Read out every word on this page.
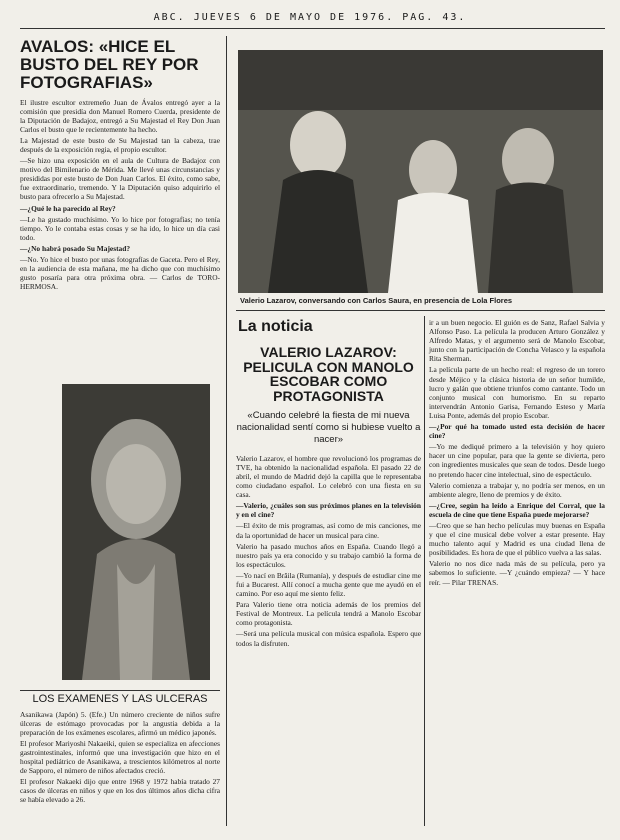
ABC. JUEVES 6 DE MAYO DE 1976. PAG. 43.
AVALOS: «HICE EL BUSTO DEL REY POR FOTOGRAFIAS»

El ilustre escultor extremeño Juan de Ávalos entregó ayer a la comisión que presidía don Manuel Romero Cuerda, presidente de la Diputación de Badajoz, entregó a Su Majestad el Rey Don Juan Carlos el busto que le recientemente ha hecho.

La Majestad de este busto de Su Majestad tan la cabeza, trae después de la exposición regia, el propio escultor.

—Se hizo una exposición en el aula de Cultura de Badajoz con motivo del Bimilenario de Mérida. Me llevé unas circunstancias y presididas por este busto de Don Juan Carlos. El éxito, como sabe, fue extraordinario, tremendo. Y la Diputación quiso adquirirlo el busto para ofrecerlo a Su Majestad.

—¿Qué le ha parecido al Rey?

—Le ha gustado muchísimo. Yo lo hice por fotografías; no tenía tiempo. Yo le contaba estas cosas y se ha ido, lo hice un día casi todo.

—¿No habrá posado Su Majestad?

—No. Yo hice el busto por unas fotografías de Gaceta. Pero el Rey, en la audiencia de esta mañana, me ha dicho que con muchísimo gusto posaría para otra próxima obra. — Carlos de TORO-HERMOSA.

LOS EXAMENES Y LAS ULCERAS

Asanikawa (Japón) 5. (Efe.) Un número creciente de niños sufre úlceras de estómago provocadas por la angustia debida a la preparación de los exámenes escolares, afirmó un médico japonés.

El profesor Mariyoshi Nakaeiki, quien se especializa en afecciones gastrointestinales, informó que una investigación que hizo en el hospital pediátrico de Asanikawa, a trescientos kilómetros al norte de Sapporo, el número de niños afectados creció.

El profesor Nakaeki dijo que entre 1968 y 1972 había tratado 27 casos de úlceras en niños y que en los dos últimos años dicha cifra se había elevado a 26.

Valerio Lazarov, conversando con Carlos Saura, en presencia de Lola Flores
La noticia
VALERIO LAZAROV: PELICULA CON MANOLO ESCOBAR COMO PROTAGONISTA

«Cuando celebré la fiesta de mi nueva nacionalidad sentí como si hubiese vuelto a nacer»

Valerio Lazarov, el hombre que revolucionó los programas de TVE, ha obtenido la nacionalidad española. El pasado 22 de abril, el mundo de Madrid dejó la capilla que le representaba como ciudadano español. Lo celebró con una fiesta en su casa.

—Valerio, ¿cuáles son sus próximos planes en la televisión y en el cine?

—El éxito de mis programas, así como de mis canciones, me da la oportunidad de hacer un musical para cine.

Valerio ha pasado muchos años en España. Cuando llegó a nuestro país ya era conocido y su trabajo cambió la forma de los espectáculos.

—Yo nací en Brăila (Rumanía), y después de estudiar cine me fui a Bucarest. Allí conocí a mucha gente que me ayudó en el camino. Por eso aquí me siento feliz.

Para Valerio tiene otra noticia además de los premios del Festival de Montreux. La película tendrá a Manolo Escobar como protagonista.

—Será una película musical con música española. Espero que todos la disfruten.

ir a un buen negocio. El guión es de Sanz, Rafael Salvia y Alfonso Paso. La película la producen Arturo González y Alfredo Matas, y el argumento será de Manolo Escobar, junto con la participación de Concha Velasco y la española Rita Sherman.

La película parte de un hecho real: el regreso de un torero desde Méjico y la clásica historia de un señor humilde, lucro y galán que obtiene triunfos como cantante. Todo un conjunto musical con humorismo. En su reparto intervendrán Antonio Garisa, Fernando Esteso y María Luisa Ponte, además del propio Escobar.

—¿Por qué ha tomado usted esta decisión de hacer cine?

—Yo me dediqué primero a la televisión y hoy quiero hacer un cine popular, para que la gente se divierta, pero con ingredientes musicales que sean de todos. Desde luego no pretendo hacer cine intelectual, sino de espectáculo.

Valerio comienza a trabajar y, no podría ser menos, en un ambiente alegre, lleno de premios y de éxito.

—¿Cree, según ha leído a Enrique del Corral, que la escuela de cine que tiene España puede mejorarse?

—Creo que se han hecho películas muy buenas en España y que el cine musical debe volver a estar presente. Hay mucho talento aquí y Madrid es una ciudad llena de posibilidades. Es hora de que el público vuelva a las salas.

Valerio no nos dice nada más de su película, pero ya sabemos lo suficiente. —Y ¿cuándo empieza? — Y hace reír. — Pilar TRENAS.
